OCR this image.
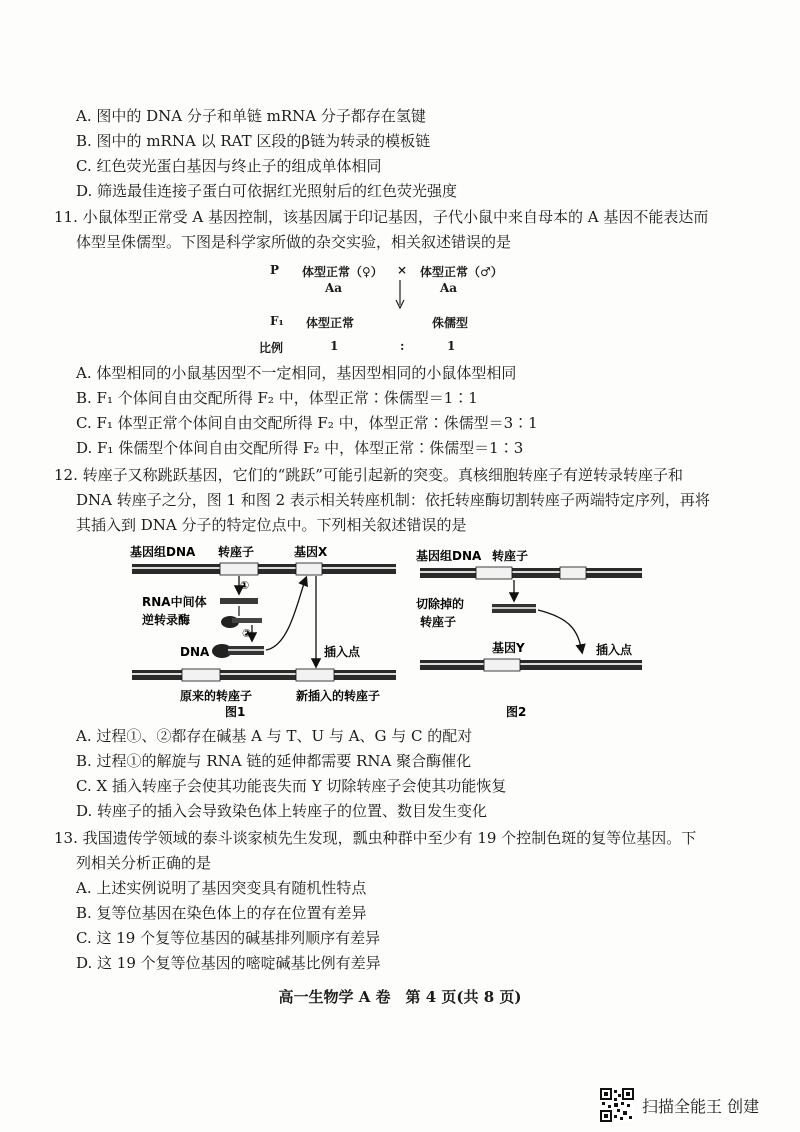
A. 图中的 DNA 分子和单链 mRNA 分子都存在氢键
B. 图中的 mRNA 以 RAT 区段的β链为转录的模板链
C. 红色荧光蛋白基因与终止子的组成单体相同
D. 筛选最佳连接子蛋白可依据红光照射后的红色荧光强度
11. 小鼠体型正常受 A 基因控制，该基因属于印记基因，子代小鼠中来自母本的 A 基因不能表达而
体型呈侏儒型。下图是科学家所做的杂交实验，相关叙述错误的是
P 体型正常（♀） × 体型正常（♂）
Aa	Aa
F₁ 体型正常	侏儒型
比例	1	:	1
A. 体型相同的小鼠基因型不一定相同，基因型相同的小鼠体型相同
B. F₁ 个体间自由交配所得 F₂ 中，体型正常∶侏儒型＝1∶1
C. F₁ 体型正常个体间自由交配所得 F₂ 中，体型正常∶侏儒型＝3∶1
D. F₁ 侏儒型个体间自由交配所得 F₂ 中，体型正常∶侏儒型＝1∶3
12. 转座子又称跳跃基因，它们的“跳跃”可能引起新的突变。真核细胞转座子有逆转录转座子和
DNA 转座子之分，图 1 和图 2 表示相关转座机制：依托转座酶切割转座子两端特定序列，再将
其插入到 DNA 分子的特定位点中。下列相关叙述错误的是
基因组DNA 转座子	基因X
①
RNA中间体
逆转录酶
②
DNA	插入点
原来的转座子	新插入的转座子
图1
基因组DNA 转座子
切除掉的
转座子
插入点
基因Y
图2
A. 过程①、②都存在碱基 A 与 T、U 与 A、G 与 C 的配对
B. 过程①的解旋与 RNA 链的延伸都需要 RNA 聚合酶催化
C. X 插入转座子会使其功能丧失而 Y 切除转座子会使其功能恢复
D. 转座子的插入会导致染色体上转座子的位置、数目发生变化
13. 我国遗传学领域的泰斗谈家桢先生发现，瓢虫种群中至少有 19 个控制色斑的复等位基因。下
列相关分析正确的是
A. 上述实例说明了基因突变具有随机性特点
B. 复等位基因在染色体上的存在位置有差异
C. 这 19 个复等位基因的碱基排列顺序有差异
D. 这 19 个复等位基因的嘧啶碱基比例有差异
高一生物学 A 卷　第 4 页(共 8 页)
扫描全能王 创建
